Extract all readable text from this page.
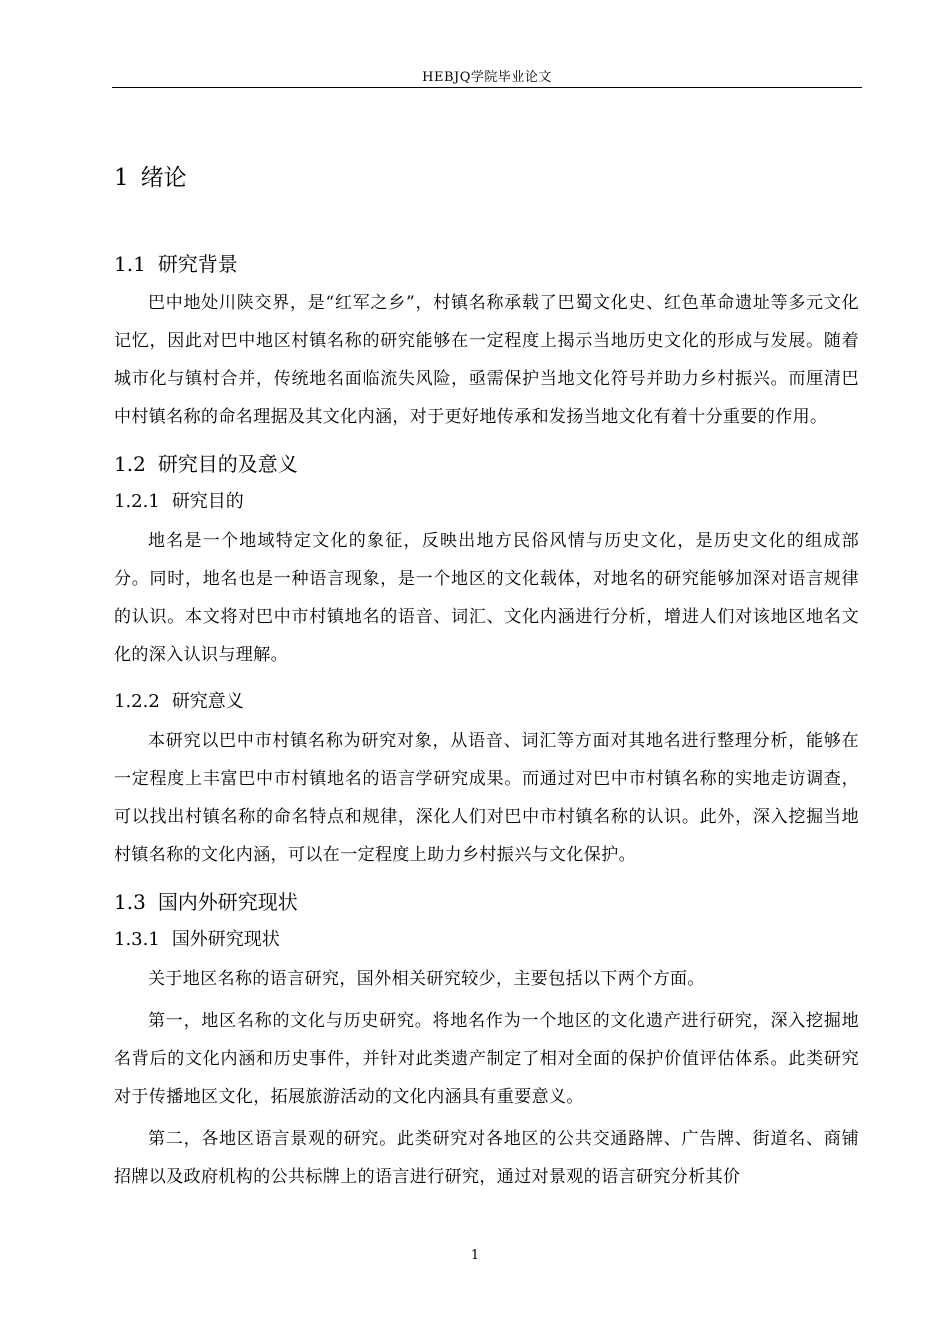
HEBJQ学院毕业论文
1 绪论
1.1 研究背景

巴中地处川陕交界，是“红军之乡”，村镇名称承载了巴蜀文化史、红色革命遗址等多元文化记忆，因此对巴中地区村镇名称的研究能够在一定程度上揭示当地历史文化的形成与发展。随着城市化与镇村合并，传统地名面临流失风险，亟需保护当地文化符号并助力乡村振兴。而厘清巴中村镇名称的命名理据及其文化内涵，对于更好地传承和发扬当地文化有着十分重要的作用。

1.2 研究目的及意义
1.2.1 研究目的

地名是一个地域特定文化的象征，反映出地方民俗风情与历史文化，是历史文化的组成部分。同时，地名也是一种语言现象，是一个地区的文化载体，对地名的研究能够加深对语言规律的认识。本文将对巴中市村镇地名的语音、词汇、文化内涵进行分析，增进人们对该地区地名文化的深入认识与理解。

1.2.2 研究意义

本研究以巴中市村镇名称为研究对象，从语音、词汇等方面对其地名进行整理分析，能够在一定程度上丰富巴中市村镇地名的语言学研究成果。而通过对巴中市村镇名称的实地走访调查，可以找出村镇名称的命名特点和规律，深化人们对巴中市村镇名称的认识。此外，深入挖掘当地村镇名称的文化内涵，可以在一定程度上助力乡村振兴与文化保护。

1.3 国内外研究现状
1.3.1 国外研究现状

关于地区名称的语言研究，国外相关研究较少，主要包括以下两个方面。

第一，地区名称的文化与历史研究。将地名作为一个地区的文化遗产进行研究，深入挖掘地名背后的文化内涵和历史事件，并针对此类遗产制定了相对全面的保护价值评估体系。此类研究对于传播地区文化，拓展旅游活动的文化内涵具有重要意义。

第二，各地区语言景观的研究。此类研究对各地区的公共交通路牌、广告牌、街道名、商铺招牌以及政府机构的公共标牌上的语言进行研究，通过对景观的语言研究分析其价

1
